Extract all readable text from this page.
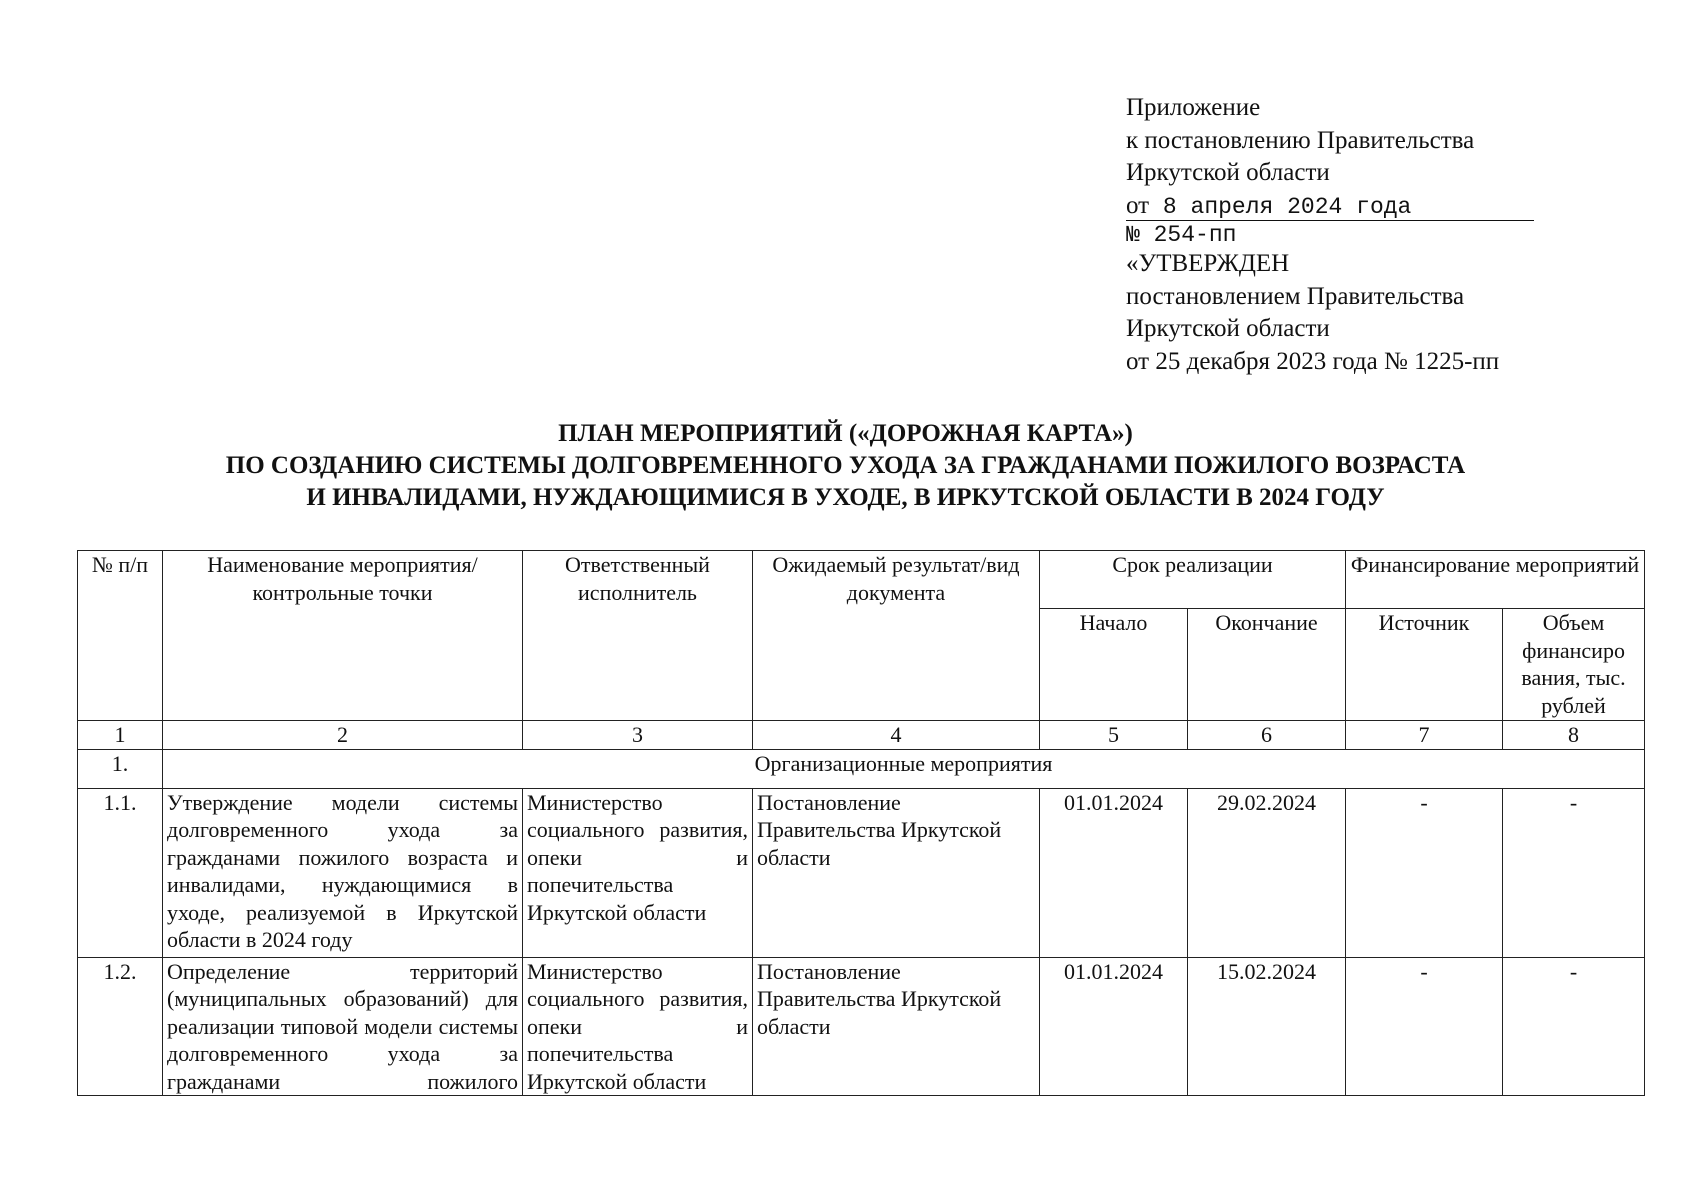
Приложение
к постановлению Правительства
Иркутской области
от 8 апреля 2024 года
№ 254-пп
«УТВЕРЖДЕН
постановлением Правительства
Иркутской области
от 25 декабря 2023 года № 1225-пп
ПЛАН МЕРОПРИЯТИЙ («ДОРОЖНАЯ КАРТА»)
ПО СОЗДАНИЮ СИСТЕМЫ ДОЛГОВРЕМЕННОГО УХОДА ЗА ГРАЖДАНАМИ ПОЖИЛОГО ВОЗРАСТА
И ИНВАЛИДАМИ, НУЖДАЮЩИМИСЯ В УХОДЕ, В ИРКУТСКОЙ ОБЛАСТИ В 2024 ГОДУ
№ п/п	Наименование мероприятия/ контрольные точки	Ответственный исполнитель	Ожидаемый результат/вид документа	Срок реализации		Финансирование мероприятий	
				Начало	Окончание	Источник	Объем финансиро вания, тыс. рублей
1	2	3	4	5	6	7	8
1.	Организационные мероприятия						
1.1.	Утверждение модели системы долговременного ухода за гражданами пожилого возраста и инвалидами, нуждающимися в уходе, реализуемой в Иркутской области в 2024 году	Министерство социального развития, опеки и попечительства Иркутской области	Постановление Правительства Иркутской области	01.01.2024	29.02.2024	-	-
1.2.	Определение территорий (муниципальных образований) для реализации типовой модели системы долговременного ухода за гражданами пожилого	Министерство социального развития, опеки и попечительства Иркутской области	Постановление Правительства Иркутской области	01.01.2024	15.02.2024	-	-
